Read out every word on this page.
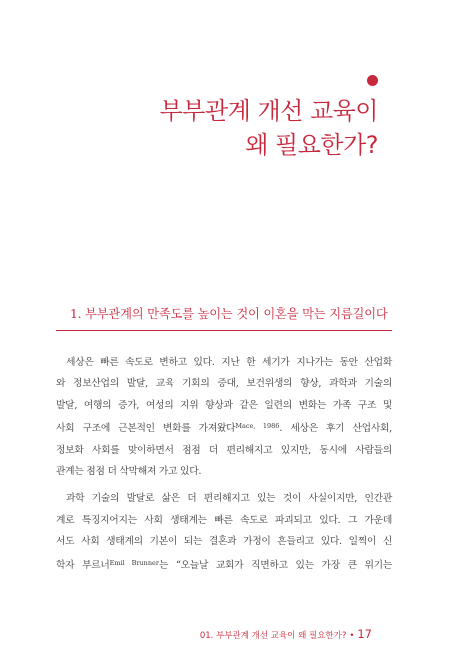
부부관계 개선 교육이
왜 필요한가?
1. 부부관계의 만족도를 높이는 것이 이혼을 막는 지름길이다
세상은 빠른 속도로 변하고 있다. 지난 한 세기가 지나가는 동안 산업화
와 정보산업의 발달, 교육 기회의 증대, 보건위생의 향상, 과학과 기술의
발달, 여행의 증가, 여성의 지위 향상과 같은 일련의 변화는 가족 구조 및
사회 구조에 근본적인 변화를 가져왔다$^{Mace, 1986}$. 세상은 후기 산업사회,
정보화 사회를 맞이하면서 점점 더 편리해지고 있지만, 동시에 사람들의
관계는 점점 더 삭막해져 가고 있다.
과학 기술의 발달로 삶은 더 편리해지고 있는 것이 사실이지만, 인간관
계로 특징지어지는 사회 생태계는 빠른 속도로 파괴되고 있다. 그 가운데
서도 사회 생태계의 기본이 되는 결혼과 가정이 흔들리고 있다. 일찍이 신
학자 부르너$^{Emil Brunner}$는 “오늘날 교회가 직면하고 있는 가장 큰 위기는
01. 부부관계 개선 교육이 왜 필요한가? • 17
